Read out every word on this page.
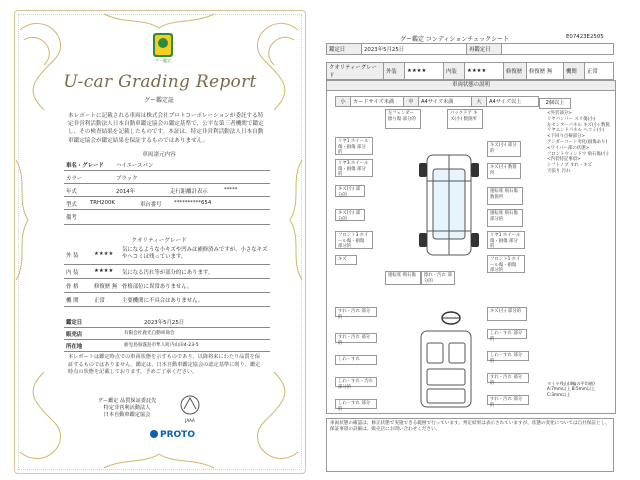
グー鑑定
U-car Grading Report
グー鑑定証
本レポートに記載される車両は株式会社プロトコーポレーションが委託する特定非営利活動法人日本自動車鑑定協会の鑑定基準で、公平な第三者機関で鑑定し、その検査結果を記載したものです。本証は、特定非営利活動法人日本自動車鑑定協会が鑑定結果を保証するものではありません。
車両諸元内容
車名・グレード ハイエースバン
カラー	ブラック
年式	2014年	走行距離計表示	*****
型式 TRH200K	車台番号 **********654
備考
クオリティーグレード
外 装	★★★★
気になるような小キズや凹みは補修済みですが、小さなキズやヘコミは残っています。
内 装	★★★★ 気になる汚れ等が部分的にあります。
骨 格	修復歴 無 骨格部位に異常ありません。
機 関	正常	主要機関に不具合はありません。
鑑定日	2023年5月25日
販売店	有限会社鹿光自動車商会
所在地	鹿児島県霧島市隼人町内山田4-23-5
本レポートは鑑定時点での車両状態を示すものであり、以降将来にわたり品質を保証するものではありません。鑑定は、日本自動車鑑定協会の認定基準に則り、鑑定時点の状態を記載しております。予めご了承ください。
グー鑑定 品質保証委託先
特定非営利活動法人
日本自動車鑑定協会
JAAA
PROTO
グー鑑定 コンディションチェックシート	E07423E2505
鑑定日	2023年5月25日	再鑑定日	
クオリティーグレード	外装	★★★★	内装	★★★★	修復歴	修復歴 無	機関	正常
車両状態の説明
小	カードサイズ未満	中	A4サイズ未満	大	A4サイズ以上	2個以上
<外装部分>
リヤバンパー スリ傷(小)
左センターパネル キズ(小) 数箇
リヤエンドパネル ヘコミ(小)
<下回り点検部分>
アンダーコート劣化(損傷あり)
<ワイパー部の状態>
フロントウィンドウ 飛石傷(小)
<内装特記事項>
シフトノブ すれ・キズ
天張り 汚れ
リヤ1 ホイール傷・損傷 部分的
左フェンダー 擦り傷 部分的
バックドア キズ(小) 数箇所
リヤ3 ホイール傷・損傷 部分的
キズ(小) 部分的
キズ(小) 部分的
キズ(小) 部分的
キズ(小) 数箇所
フロント3 ホイール傷・損傷 部分的
運転席 飛石傷 数箇所
キズ
リヤ1 ホイール傷・損傷 部分的
運転席 飛石傷 部分的
フロント1 ホイール傷・損傷 部分的
運転席 飛石傷	擦れ・汚れ 部分的
すれ・汚れ 部分的
キズ(小) 部分的
すれ・汚れ 部分的
しわ・すれ 部分的
しわ・すれ
しわ・すれ 部分的
しわ・すれ・汚れ 部分的
すれ・汚れ 部分的
しわ・すれ 部分的
すれ・汚れ 部分的
タイヤ残山(4輪の平均値) A:7mm以上 B:5mm以上 C:3mm以上
車両状態の確認は、修正状態で実施できる範囲で行っています。判定結果は表示されていますが、状態の変化については自社保証とし、保証事項の詳細は、販売店にお問い合わせください。
